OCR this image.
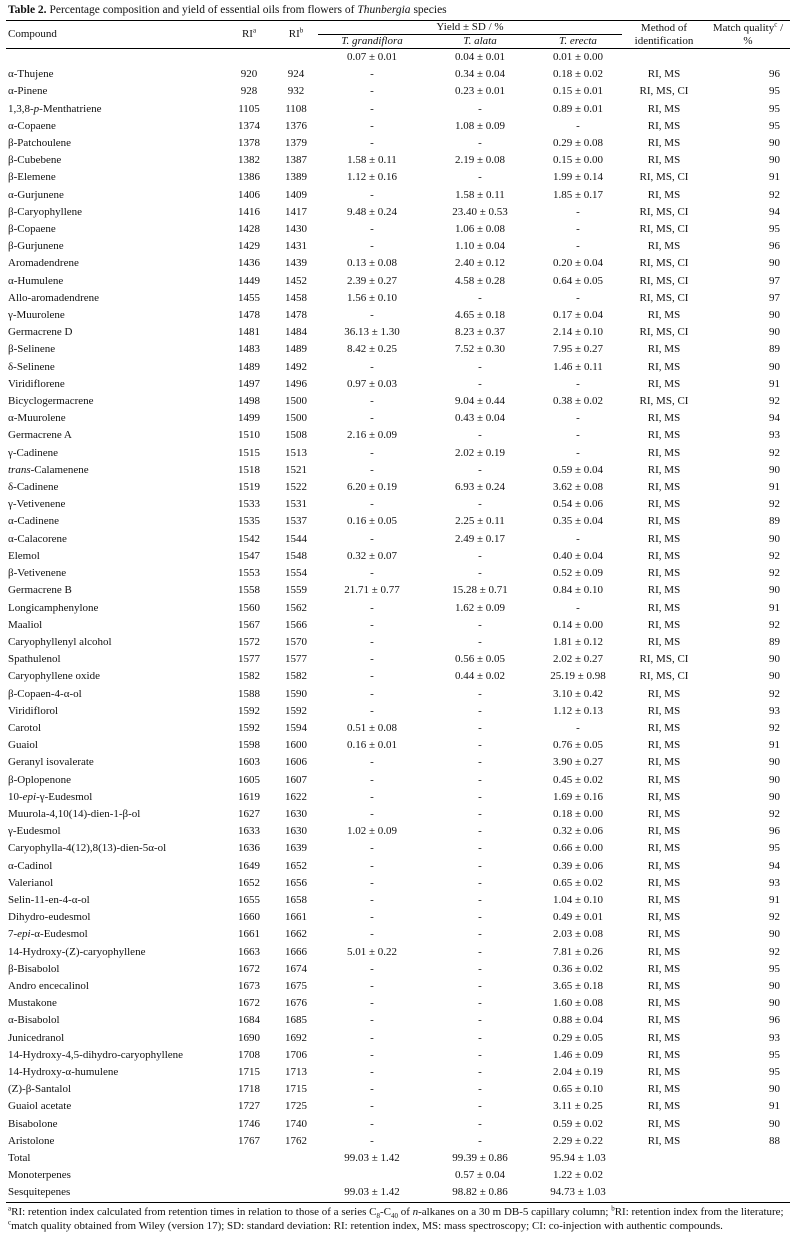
Table 2. Percentage composition and yield of essential oils from flowers of Thunbergia species
Compound	$RI^a$	$RI^b$	Yield ± SD / %			Method of identification	Match quality$^c$ / %
			T. grandiflora	T. alata	T. erecta		
			0.07 ± 0.01	0.04 ± 0.01	0.01 ± 0.00		
α-Thujene	920	924	-	0.34 ± 0.04	0.18 ± 0.02	RI, MS	96
α-Pinene	928	932	-	0.23 ± 0.01	0.15 ± 0.01	RI, MS, CI	95
1,3,8-p-Menthatriene	1105	1108	-	-	0.89 ± 0.01	RI, MS	95
α-Copaene	1374	1376	-	1.08 ± 0.09	-	RI, MS	95
β-Patchoulene	1378	1379	-	-	0.29 ± 0.08	RI, MS	90
β-Cubebene	1382	1387	1.58 ± 0.11	2.19 ± 0.08	0.15 ± 0.00	RI, MS	90
β-Elemene	1386	1389	1.12 ± 0.16	-	1.99 ± 0.14	RI, MS, CI	91
α-Gurjunene	1406	1409	-	1.58 ± 0.11	1.85 ± 0.17	RI, MS	92
β-Caryophyllene	1416	1417	9.48 ± 0.24	23.40 ± 0.53	-	RI, MS, CI	94
β-Copaene	1428	1430	-	1.06 ± 0.08	-	RI, MS, CI	95
β-Gurjunene	1429	1431	-	1.10 ± 0.04	-	RI, MS	96
Aromadendrene	1436	1439	0.13 ± 0.08	2.40 ± 0.12	0.20 ± 0.04	RI, MS, CI	90
α-Humulene	1449	1452	2.39 ± 0.27	4.58 ± 0.28	0.64 ± 0.05	RI, MS, CI	97
Allo-aromadendrene	1455	1458	1.56 ± 0.10	-	-	RI, MS, CI	97
γ-Muurolene	1478	1478	-	4.65 ± 0.18	0.17 ± 0.04	RI, MS	90
Germacrene D	1481	1484	36.13 ± 1.30	8.23 ± 0.37	2.14 ± 0.10	RI, MS, CI	90
β-Selinene	1483	1489	8.42 ± 0.25	7.52 ± 0.30	7.95 ± 0.27	RI, MS	89
δ-Selinene	1489	1492	-	-	1.46 ± 0.11	RI, MS	90
Viridiflorene	1497	1496	0.97 ± 0.03	-	-	RI, MS	91
Bicyclogermacrene	1498	1500	-	9.04 ± 0.44	0.38 ± 0.02	RI, MS, CI	92
α-Muurolene	1499	1500	-	0.43 ± 0.04	-	RI, MS	94
Germacrene A	1510	1508	2.16 ± 0.09	-	-	RI, MS	93
γ-Cadinene	1515	1513	-	2.02 ± 0.19	-	RI, MS	92
trans-Calamenene	1518	1521	-	-	0.59 ± 0.04	RI, MS	90
δ-Cadinene	1519	1522	6.20 ± 0.19	6.93 ± 0.24	3.62 ± 0.08	RI, MS	91
γ-Vetivenene	1533	1531	-	-	0.54 ± 0.06	RI, MS	92
α-Cadinene	1535	1537	0.16 ± 0.05	2.25 ± 0.11	0.35 ± 0.04	RI, MS	89
α-Calacorene	1542	1544	-	2.49 ± 0.17	-	RI, MS	90
Elemol	1547	1548	0.32 ± 0.07	-	0.40 ± 0.04	RI, MS	92
β-Vetivenene	1553	1554	-	-	0.52 ± 0.09	RI, MS	92
Germacrene B	1558	1559	21.71 ± 0.77	15.28 ± 0.71	0.84 ± 0.10	RI, MS	90
Longicamphenylone	1560	1562	-	1.62 ± 0.09	-	RI, MS	91
Maaliol	1567	1566	-	-	0.14 ± 0.00	RI, MS	92
Caryophyllenyl alcohol	1572	1570	-	-	1.81 ± 0.12	RI, MS	89
Spathulenol	1577	1577	-	0.56 ± 0.05	2.02 ± 0.27	RI, MS, CI	90
Caryophyllene oxide	1582	1582	-	0.44 ± 0.02	25.19 ± 0.98	RI, MS, CI	90
β-Copaen-4-α-ol	1588	1590	-	-	3.10 ± 0.42	RI, MS	92
Viridiflorol	1592	1592	-	-	1.12 ± 0.13	RI, MS	93
Carotol	1592	1594	0.51 ± 0.08	-	-	RI, MS	92
Guaiol	1598	1600	0.16 ± 0.01	-	0.76 ± 0.05	RI, MS	91
Geranyl isovalerate	1603	1606	-	-	3.90 ± 0.27	RI, MS	90
β-Oplopenone	1605	1607	-	-	0.45 ± 0.02	RI, MS	90
10-epi-γ-Eudesmol	1619	1622	-	-	1.69 ± 0.16	RI, MS	90
Muurola-4,10(14)-dien-1-β-ol	1627	1630	-	-	0.18 ± 0.00	RI, MS	92
γ-Eudesmol	1633	1630	1.02 ± 0.09	-	0.32 ± 0.06	RI, MS	96
Caryophylla-4(12),8(13)-dien-5α-ol	1636	1639	-	-	0.66 ± 0.00	RI, MS	95
α-Cadinol	1649	1652	-	-	0.39 ± 0.06	RI, MS	94
Valerianol	1652	1656	-	-	0.65 ± 0.02	RI, MS	93
Selin-11-en-4-α-ol	1655	1658	-	-	1.04 ± 0.10	RI, MS	91
Dihydro-eudesmol	1660	1661	-	-	0.49 ± 0.01	RI, MS	92
7-epi-α-Eudesmol	1661	1662	-	-	2.03 ± 0.08	RI, MS	90
14-Hydroxy-(Z)-caryophyllene	1663	1666	5.01 ± 0.22	-	7.81 ± 0.26	RI, MS	92
β-Bisabolol	1672	1674	-	-	0.36 ± 0.02	RI, MS	95
Andro encecalinol	1673	1675	-	-	3.65 ± 0.18	RI, MS	90
Mustakone	1672	1676	-	-	1.60 ± 0.08	RI, MS	90
α-Bisabolol	1684	1685	-	-	0.88 ± 0.04	RI, MS	96
Junicedranol	1690	1692	-	-	0.29 ± 0.05	RI, MS	93
14-Hydroxy-4,5-dihydro-caryophyllene	1708	1706	-	-	1.46 ± 0.09	RI, MS	95
14-Hydroxy-α-humulene	1715	1713	-	-	2.04 ± 0.19	RI, MS	95
(Z)-β-Santalol	1718	1715	-	-	0.65 ± 0.10	RI, MS	90
Guaiol acetate	1727	1725	-	-	3.11 ± 0.25	RI, MS	91
Bisabolone	1746	1740	-	-	0.59 ± 0.02	RI, MS	90
Aristolone	1767	1762	-	-	2.29 ± 0.22	RI, MS	88
Total			99.03 ± 1.42	99.39 ± 0.86	95.94 ± 1.03		
Monoterpenes				0.57 ± 0.04	1.22 ± 0.02		
Sesquitepenes			99.03 ± 1.42	98.82 ± 0.86	94.73 ± 1.03		
$^a$RI: retention index calculated from retention times in relation to those of a series $C_8-C_{40}$ of n-alkanes on a 30 m DB-5 capillary column; $^b$RI: retention index from the literature; $^c$match quality obtained from Wiley (version 17); SD: standard deviation: RI: retention index, MS: mass spectroscopy; CI: co-injection with authentic compounds.
